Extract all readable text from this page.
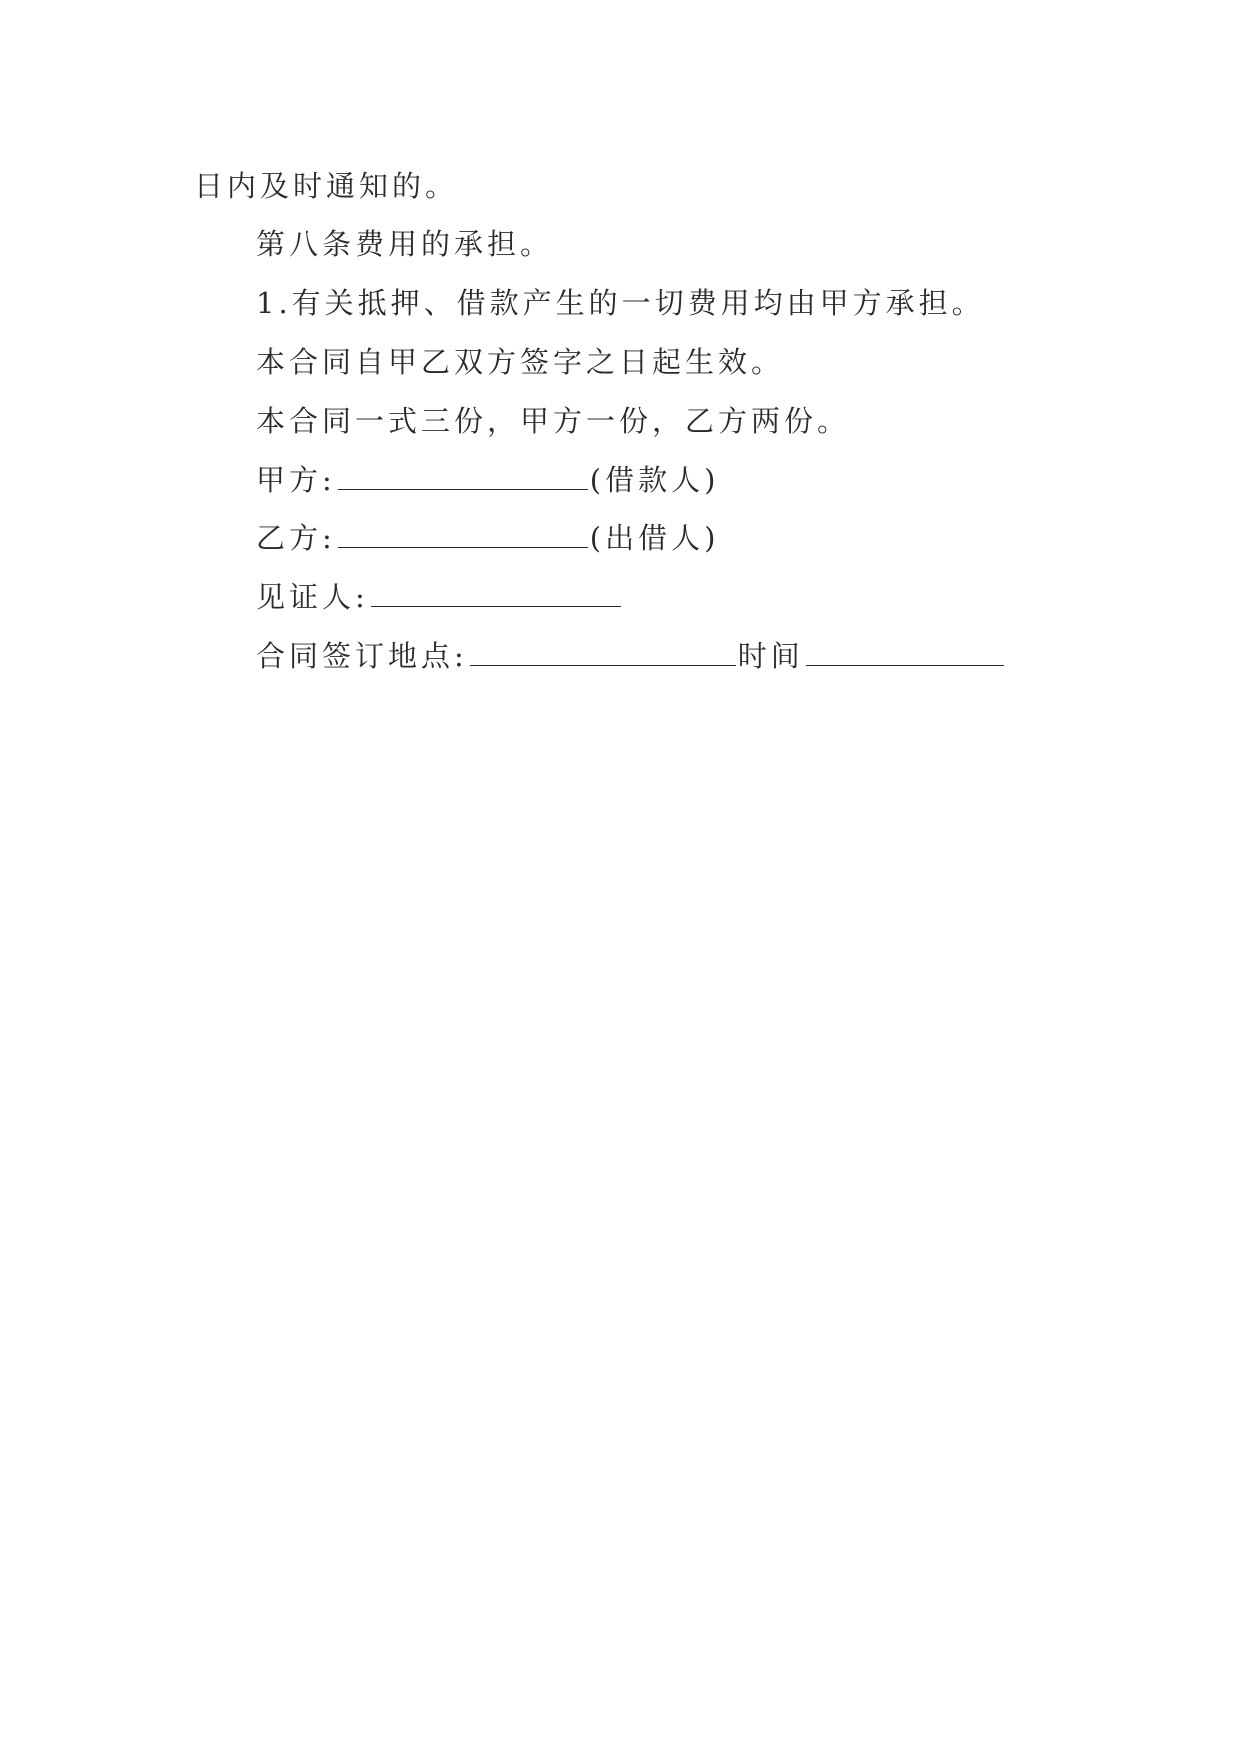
日内及时通知的。
第八条费用的承担。
1.有关抵押、借款产生的一切费用均由甲方承担。
本合同自甲乙双方签字之日起生效。
本合同一式三份，甲方一份，乙方两份。
甲方:	(借款人)
乙方:	(出借人)
见证人:
合同签订地点:	时间
